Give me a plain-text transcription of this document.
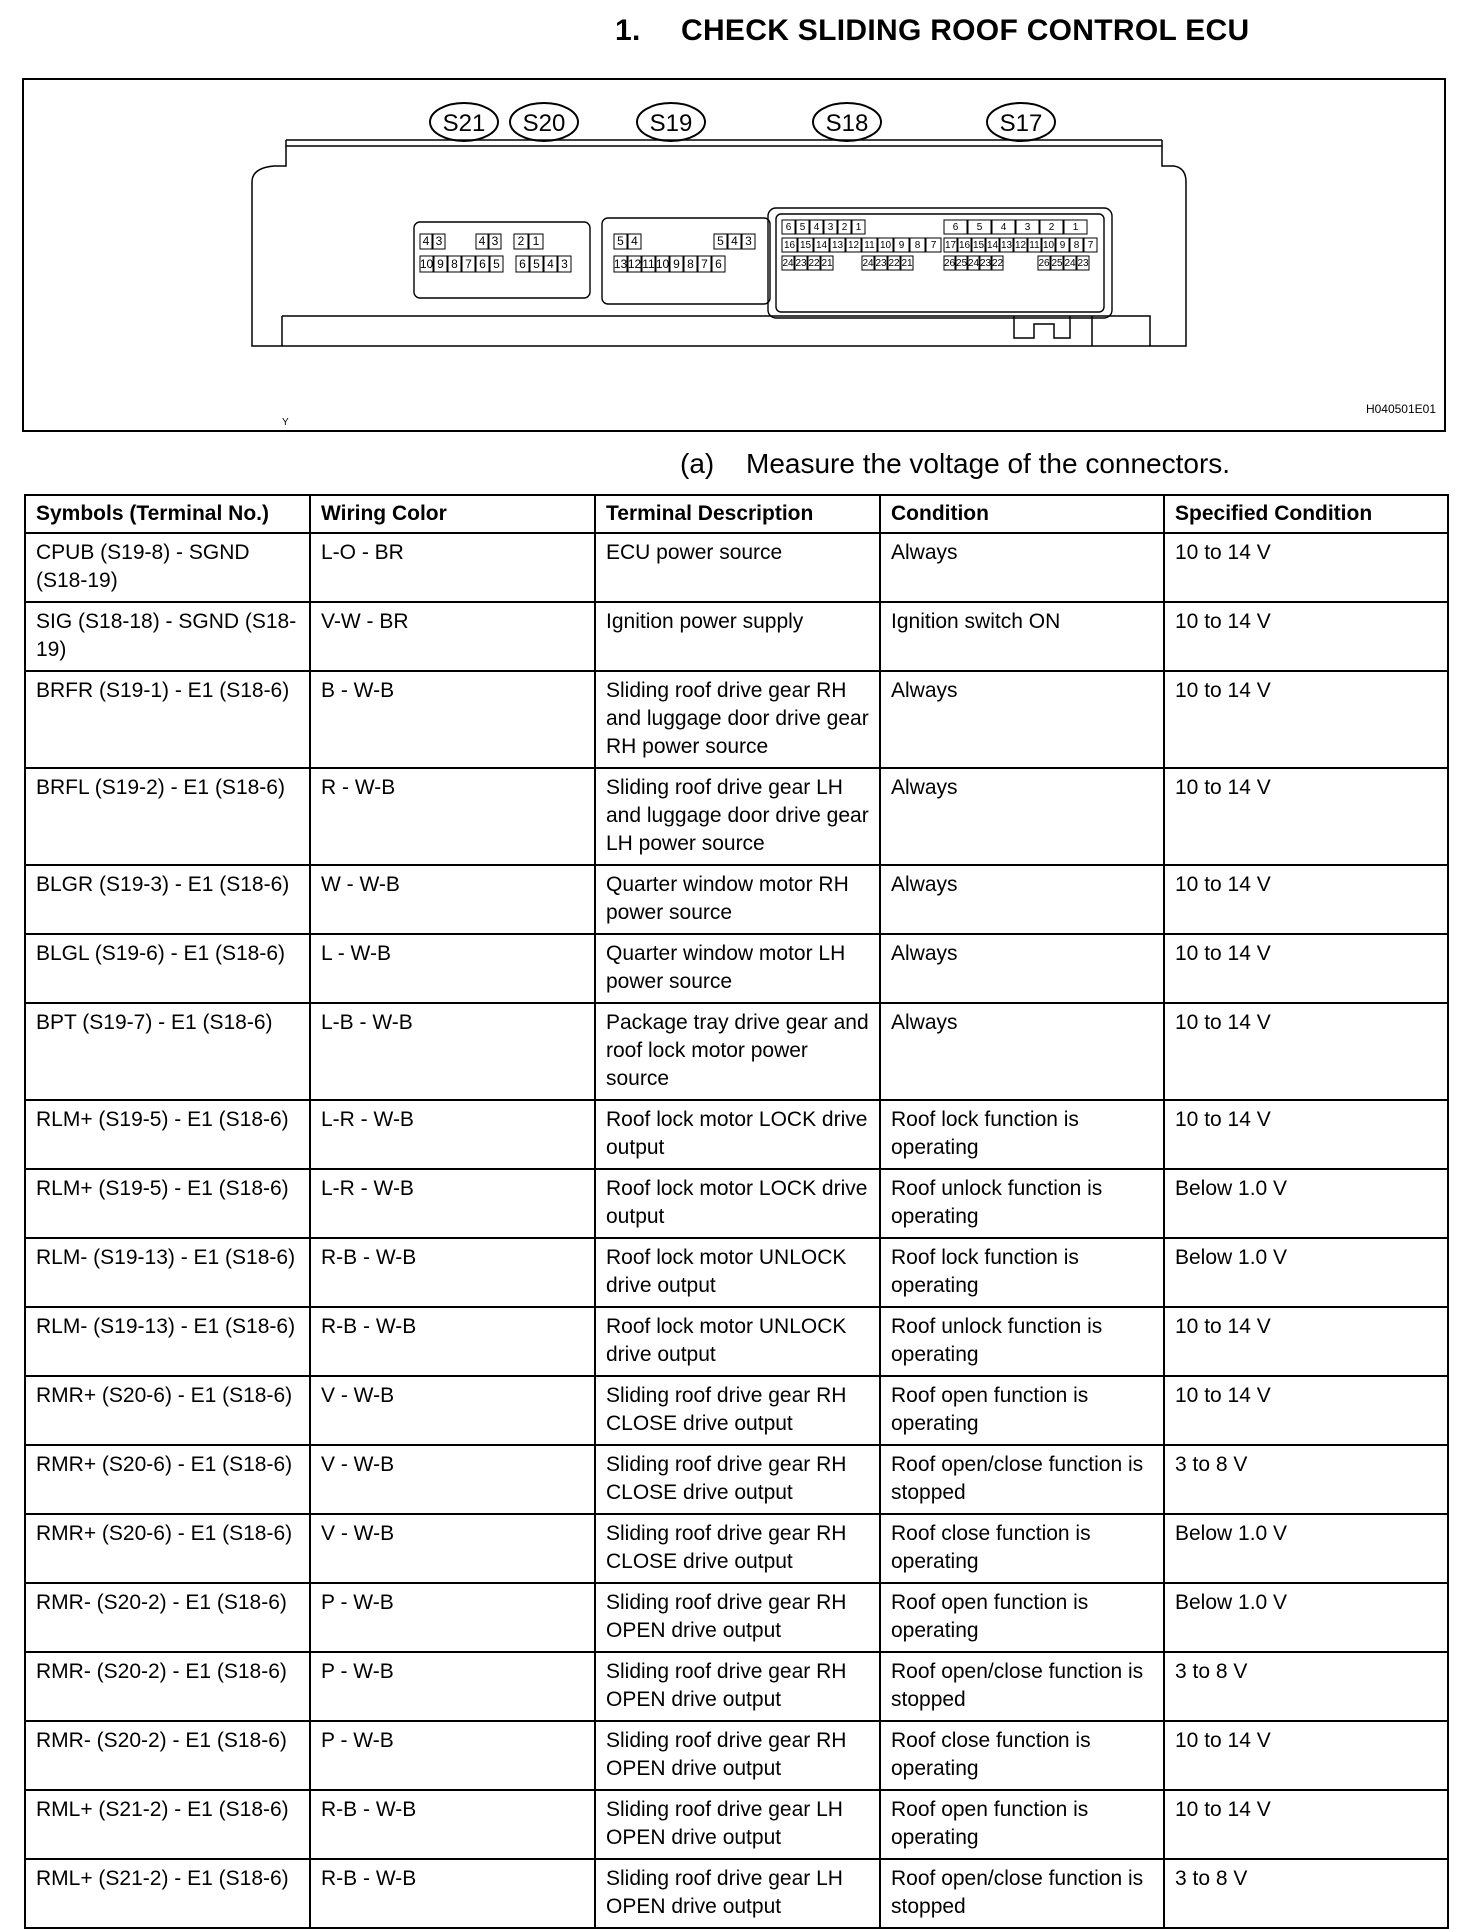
1. CHECK SLIDING ROOF CONTROL ECU
S21 S20	S19	S18	S17
4 3	4 3
10 9 8 7 6 5
2 1
6 5 4 3
5 4	5 4 3
13 12 11 10 9 8 7 6
6 5 4 3 2 1
16 15 14 13 12 11 10 9 8 7
24 23 22 21	24 23 22 21
6 5 4 3 2 1
17 16 15 14 13 12 11 10 9 8 7
26 25 24 23 22	26 25 24 23
H040501E01
Y
(a) Measure the voltage of the connectors.
Symbols (Terminal No.)	Wiring Color	Terminal Description	Condition	Specified Condition
CPUB (S19-8) - SGND (S18-19)	L-O - BR	ECU power source	Always	10 to 14 V
SIG (S18-18) - SGND (S18-19)	V-W - BR	Ignition power supply	Ignition switch ON	10 to 14 V
BRFR (S19-1) - E1 (S18-6)	B - W-B	Sliding roof drive gear RH and luggage door drive gear RH power source	Always	10 to 14 V
BRFL (S19-2) - E1 (S18-6)	R - W-B	Sliding roof drive gear LH and luggage door drive gear LH power source	Always	10 to 14 V
BLGR (S19-3) - E1 (S18-6)	W - W-B	Quarter window motor RH power source	Always	10 to 14 V
BLGL (S19-6) - E1 (S18-6)	L - W-B	Quarter window motor LH power source	Always	10 to 14 V
BPT (S19-7) - E1 (S18-6)	L-B - W-B	Package tray drive gear and roof lock motor power source	Always	10 to 14 V
RLM+ (S19-5) - E1 (S18-6)	L-R - W-B	Roof lock motor LOCK drive output	Roof lock function is operating	10 to 14 V
RLM+ (S19-5) - E1 (S18-6)	L-R - W-B	Roof lock motor LOCK drive output	Roof unlock function is operating	Below 1.0 V
RLM- (S19-13) - E1 (S18-6)	R-B - W-B	Roof lock motor UNLOCK drive output	Roof lock function is operating	Below 1.0 V
RLM- (S19-13) - E1 (S18-6)	R-B - W-B	Roof lock motor UNLOCK drive output	Roof unlock function is operating	10 to 14 V
RMR+ (S20-6) - E1 (S18-6)	V - W-B	Sliding roof drive gear RH CLOSE drive output	Roof open function is operating	10 to 14 V
RMR+ (S20-6) - E1 (S18-6)	V - W-B	Sliding roof drive gear RH CLOSE drive output	Roof open/close function is stopped	3 to 8 V
RMR+ (S20-6) - E1 (S18-6)	V - W-B	Sliding roof drive gear RH CLOSE drive output	Roof close function is operating	Below 1.0 V
RMR- (S20-2) - E1 (S18-6)	P - W-B	Sliding roof drive gear RH OPEN drive output	Roof open function is operating	Below 1.0 V
RMR- (S20-2) - E1 (S18-6)	P - W-B	Sliding roof drive gear RH OPEN drive output	Roof open/close function is stopped	3 to 8 V
RMR- (S20-2) - E1 (S18-6)	P - W-B	Sliding roof drive gear RH OPEN drive output	Roof close function is operating	10 to 14 V
RML+ (S21-2) - E1 (S18-6)	R-B - W-B	Sliding roof drive gear LH OPEN drive output	Roof open function is operating	10 to 14 V
RML+ (S21-2) - E1 (S18-6)	R-B - W-B	Sliding roof drive gear LH OPEN drive output	Roof open/close function is stopped	3 to 8 V
